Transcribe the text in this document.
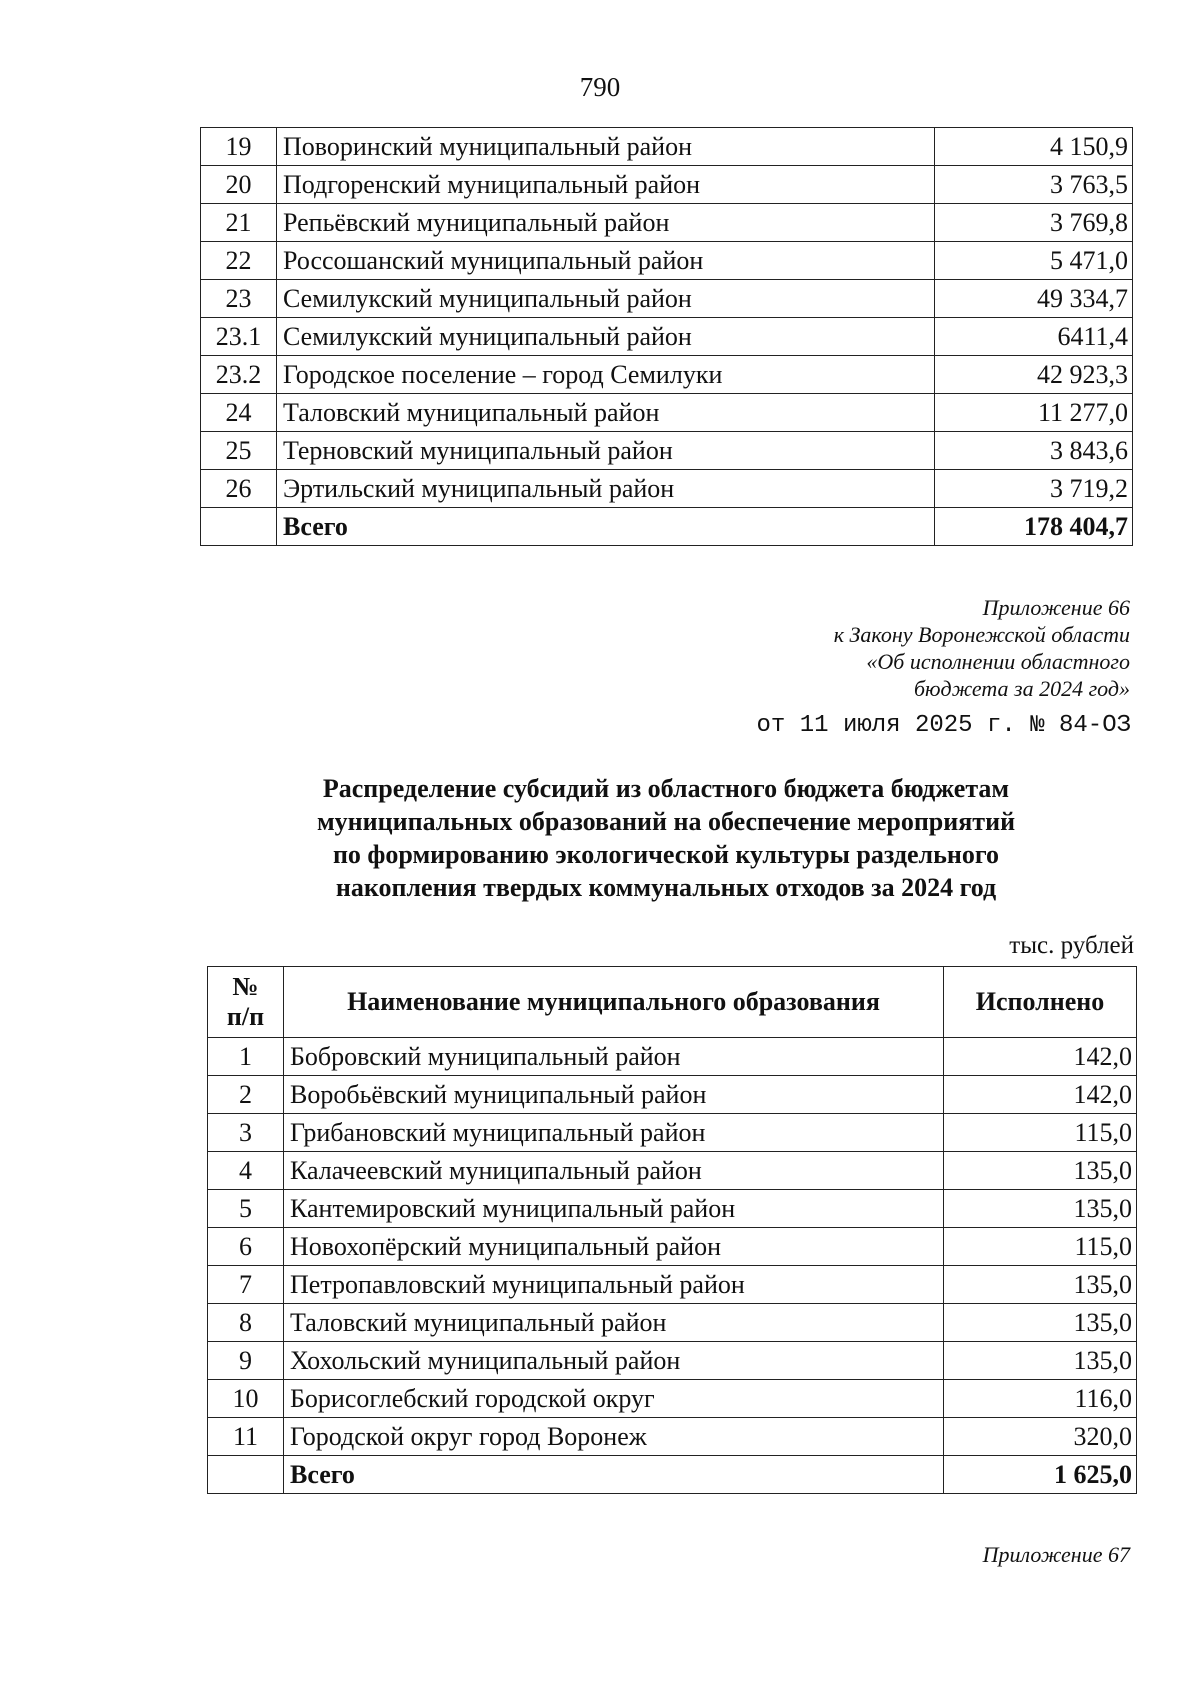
790
19	Поворинский муниципальный район	4 150,9
20	Подгоренский муниципальный район	3 763,5
21	Репьёвский муниципальный район	3 769,8
22	Россошанский муниципальный район	5 471,0
23	Семилукский муниципальный район	49 334,7
23.1	Семилукский муниципальный район	6411,4
23.2	Городское поселение – город Семилуки	42 923,3
24	Таловский муниципальный район	11 277,0
25	Терновский муниципальный район	3 843,6
26	Эртильский муниципальный район	3 719,2
	Всего	178 404,7
Приложение 66
к Закону Воронежской области
«Об исполнении областного
бюджета за 2024 год»
от 11 июля 2025 г. № 84-ОЗ
Распределение субсидий из областного бюджета бюджетам
муниципальных образований на обеспечение мероприятий
по формированию экологической культуры раздельного
накопления твердых коммунальных отходов за 2024 год
тыс. рублей
№
п/п	Наименование муниципального образования	Исполнено
1	Бобровский муниципальный район	142,0
2	Воробьёвский муниципальный район	142,0
3	Грибановский муниципальный район	115,0
4	Калачеевский муниципальный район	135,0
5	Кантемировский муниципальный район	135,0
6	Новохопёрский муниципальный район	115,0
7	Петропавловский муниципальный район	135,0
8	Таловский муниципальный район	135,0
9	Хохольский муниципальный район	135,0
10	Борисоглебский городской округ	116,0
11	Городской округ город Воронеж	320,0
	Всего	1 625,0
Приложение 67
